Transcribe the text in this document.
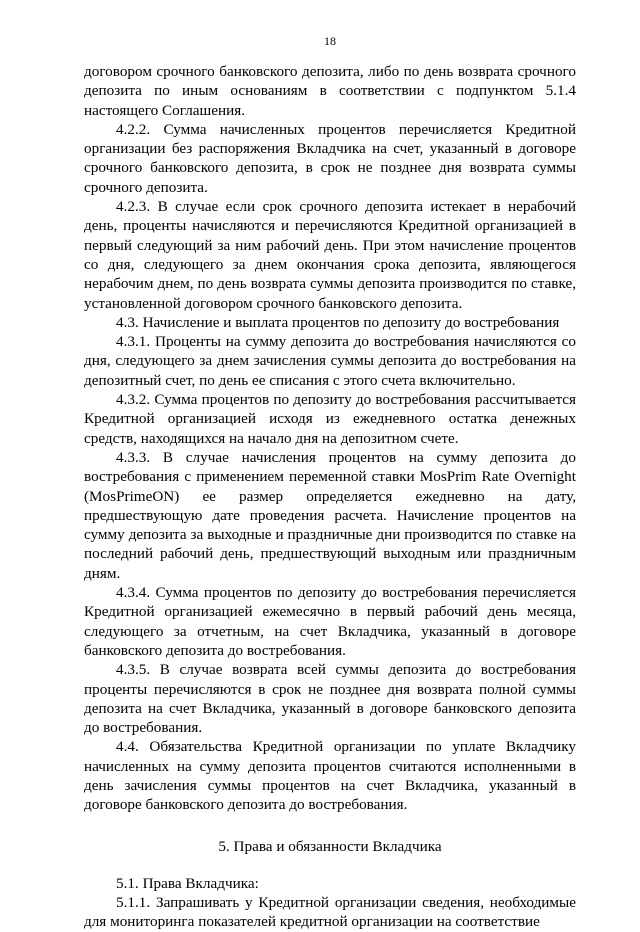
18

договором срочного банковского депозита, либо по день возврата срочного депозита по иным основаниям в соответствии с подпунктом 5.1.4 настоящего Соглашения.

4.2.2. Сумма начисленных процентов перечисляется Кредитной организации без распоряжения Вкладчика на счет, указанный в договоре срочного банковского депозита, в срок не позднее дня возврата суммы срочного депозита.

4.2.3. В случае если срок срочного депозита истекает в нерабочий день, проценты начисляются и перечисляются Кредитной организацией в первый следующий за ним рабочий день. При этом начисление процентов со дня, следующего за днем окончания срока депозита, являющегося нерабочим днем, по день возврата суммы депозита производится по ставке, установленной договором срочного банковского депозита.

4.3. Начисление и выплата процентов по депозиту до востребования

4.3.1. Проценты на сумму депозита до востребования начисляются со дня, следующего за днем зачисления суммы депозита до востребования на депозитный счет, по день ее списания с этого счета включительно.

4.3.2. Сумма процентов по депозиту до востребования рассчитывается Кредитной организацией исходя из ежедневного остатка денежных средств, находящихся на начало дня на депозитном счете.

4.3.3. В случае начисления процентов на сумму депозита до востребования с применением переменной ставки MosPrim Rate Overnight (MosPrimeON) ее размер определяется ежедневно на дату, предшествующую дате проведения расчета. Начисление процентов на сумму депозита за выходные и праздничные дни производится по ставке на последний рабочий день, предшествующий выходным или праздничным дням.

4.3.4. Сумма процентов по депозиту до востребования перечисляется Кредитной организацией ежемесячно в первый рабочий день месяца, следующего за отчетным, на счет Вкладчика, указанный в договоре банковского депозита до востребования.

4.3.5. В случае возврата всей суммы депозита до востребования проценты перечисляются в срок не позднее дня возврата полной суммы депозита на счет Вкладчика, указанный в договоре банковского депозита до востребования.

4.4. Обязательства Кредитной организации по уплате Вкладчику начисленных на сумму депозита процентов считаются исполненными в день зачисления суммы процентов на счет Вкладчика, указанный в договоре банковского депозита до востребования.

5. Права и обязанности Вкладчика

5.1. Права Вкладчика:

5.1.1. Запрашивать у Кредитной организации сведения, необходимые для мониторинга показателей кредитной организации на соответствие
